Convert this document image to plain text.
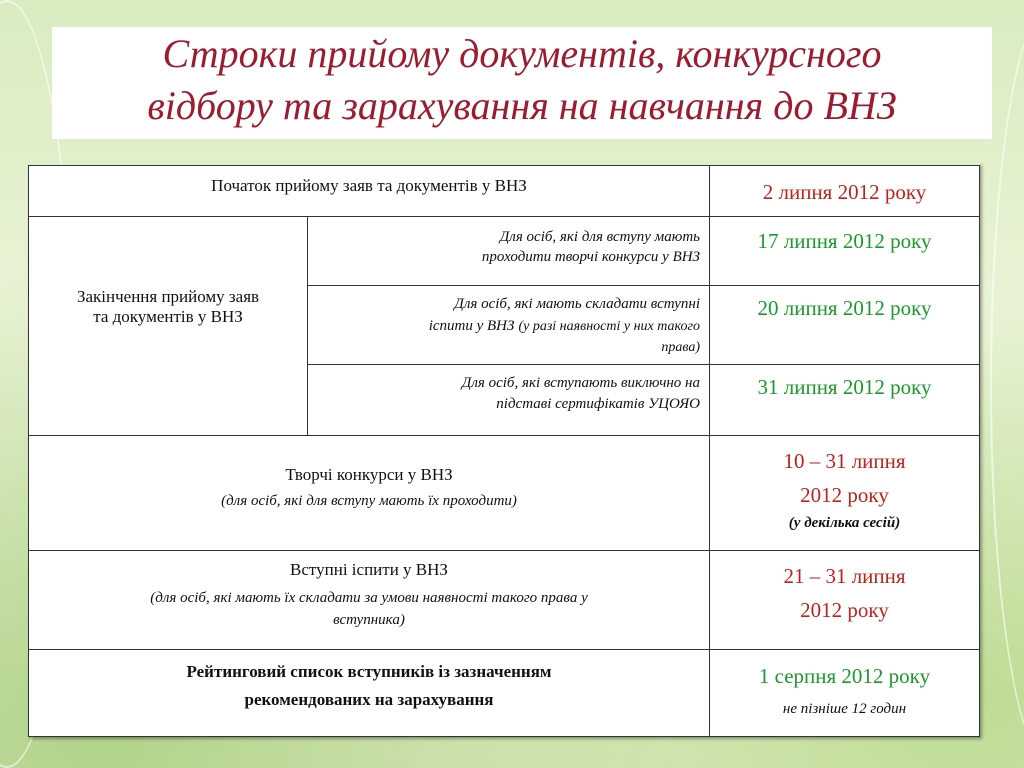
Строки прийому документів, конкурсного
відбору та зарахування на навчання до ВНЗ
Початок прийому заяв та документів у ВНЗ	2 липня 2012 року
Закінчення прийому заяв
та документів у ВНЗ
Для осіб, які для вступу мають
проходити творчі конкурси у ВНЗ
17 липня 2012 року
Для осіб, які мають складати вступні
іспити у ВНЗ (у разі наявності у них такого
права)
20 липня 2012 року
Для осіб, які вступають виключно на
підставі сертифікатів УЦОЯО
31 липня 2012 року
Творчі конкурси у ВНЗ
(для осіб, які для вступу мають їх проходити)
10 – 31 липня
2012 року
(у декілька сесій)
Вступні іспити у ВНЗ
(для осіб, які мають їх складати за умови наявності такого права у
вступника)
21 – 31 липня
2012 року
Рейтинговий список вступників із зазначенням
рекомендованих на зарахування
1 серпня 2012 року
не пізніше 12 годин
